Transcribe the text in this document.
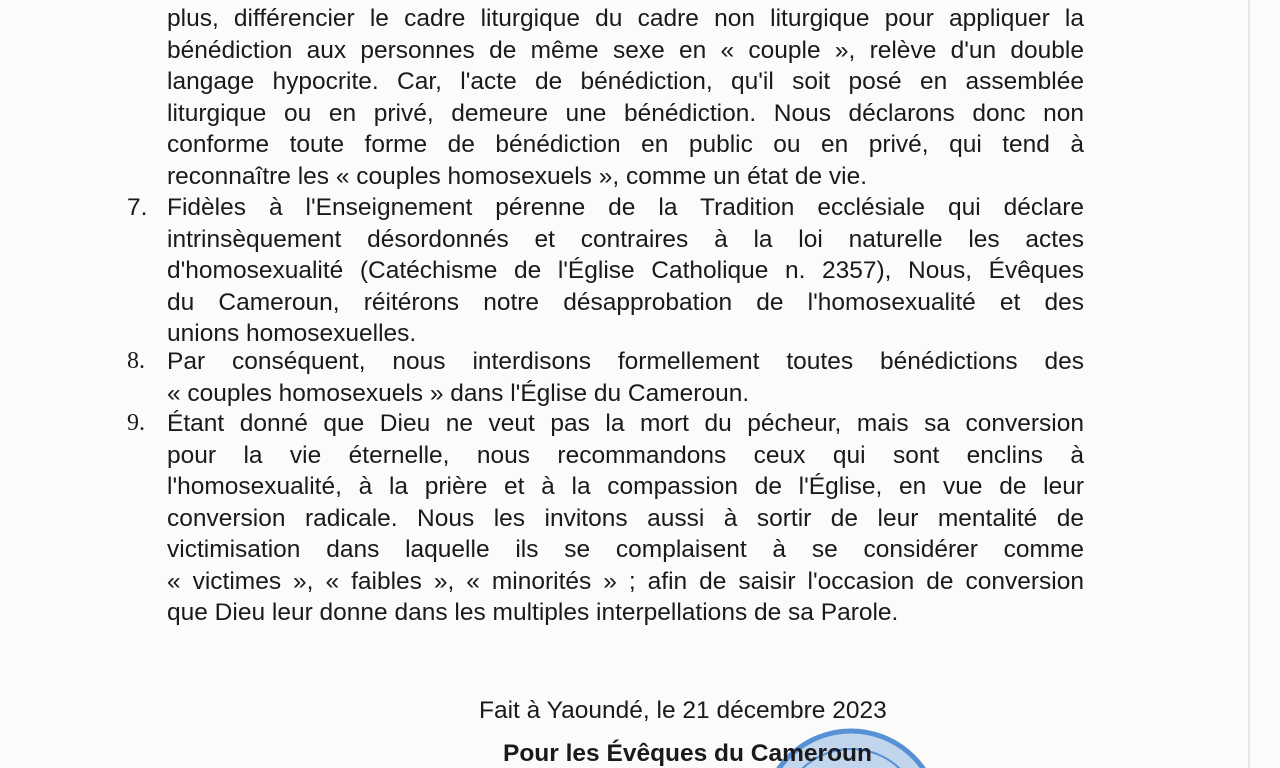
plus, différencier le cadre liturgique du cadre non liturgique pour appliquer la
bénédiction aux personnes de même sexe en « couple », relève d'un double
langage hypocrite. Car, l'acte de bénédiction, qu'il soit posé en assemblée
liturgique ou en privé, demeure une bénédiction. Nous déclarons donc non
conforme toute forme de bénédiction en public ou en privé, qui tend à
reconnaître les « couples homosexuels », comme un état de vie.
7. Fidèles à l'Enseignement pérenne de la Tradition ecclésiale qui déclare
intrinsèquement désordonnés et contraires à la loi naturelle les actes
d'homosexualité (Catéchisme de l'Église Catholique n. 2357), Nous, Évêques
du Cameroun, réitérons notre désapprobation de l'homosexualité et des
unions homosexuelles.
8. Par conséquent, nous interdisons formellement toutes bénédictions des
« couples homosexuels » dans l'Église du Cameroun.
9. Étant donné que Dieu ne veut pas la mort du pécheur, mais sa conversion
pour la vie éternelle, nous recommandons ceux qui sont enclins à
l'homosexualité, à la prière et à la compassion de l'Église, en vue de leur
conversion radicale. Nous les invitons aussi à sortir de leur mentalité de
victimisation dans laquelle ils se complaisent à se considérer comme
« victimes », « faibles », « minorités » ; afin de saisir l'occasion de conversion
que Dieu leur donne dans les multiples interpellations de sa Parole.
Fait à Yaoundé, le 21 décembre 2023
Pour les Évêques du Cameroun
